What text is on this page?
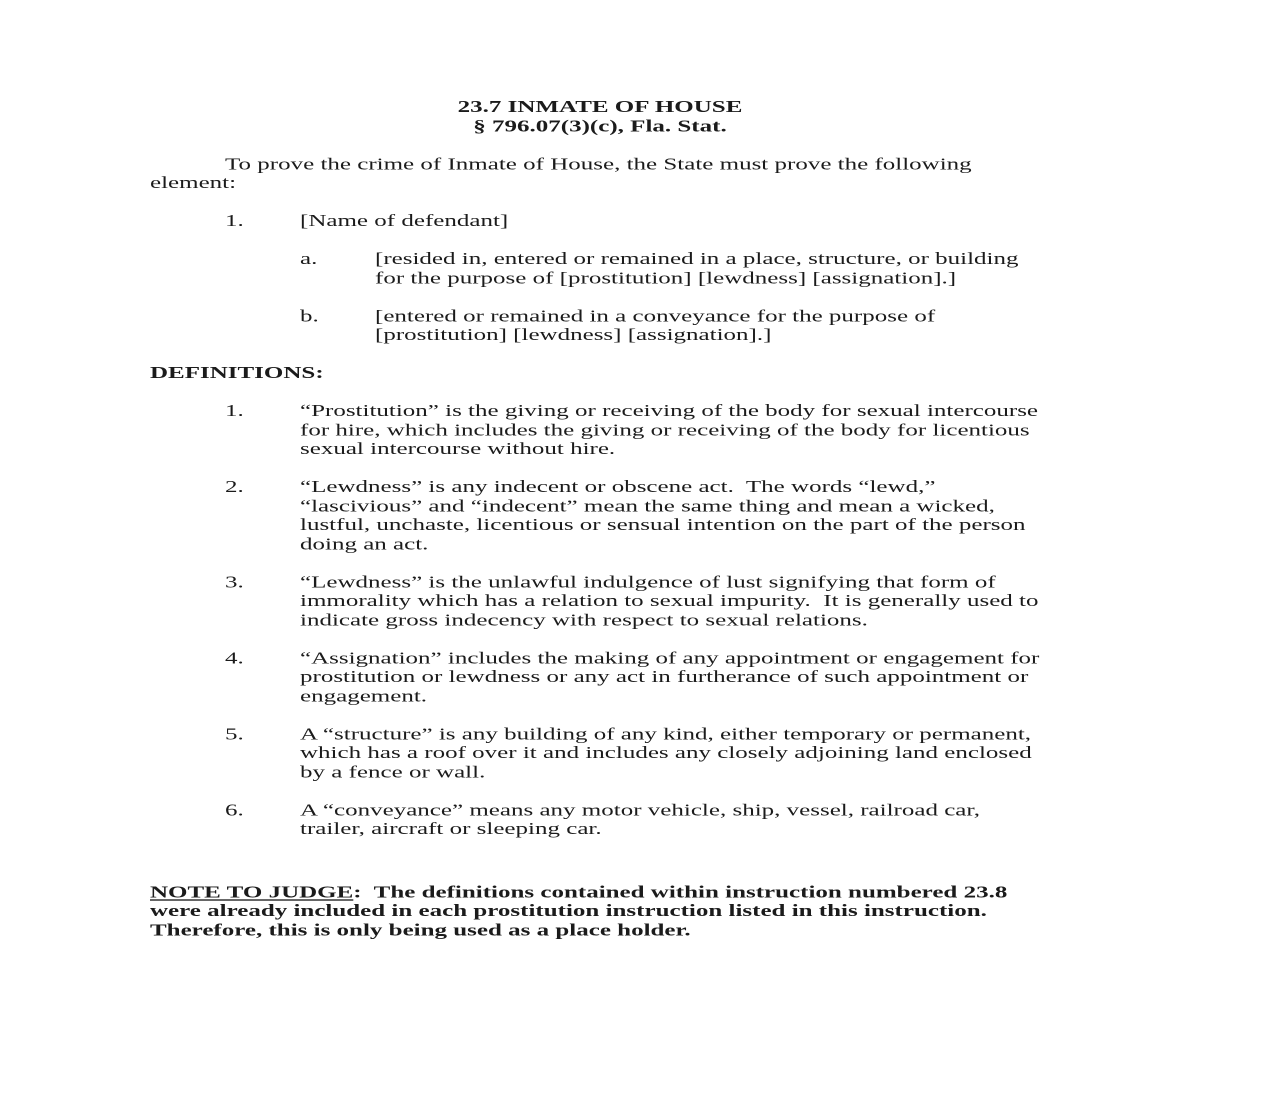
23.7 INMATE OF HOUSE
§ 796.07(3)(c), Fla. Stat.

To prove the crime of Inmate of House, the State must prove the following element:

1. [Name of defendant]
a. [resided in, entered or remained in a place, structure, or building for the purpose of [prostitution] [lewdness] [assignation].]
b. [entered or remained in a conveyance for the purpose of [prostitution] [lewdness] [assignation].]
DEFINITIONS:
1. “Prostitution” is the giving or receiving of the body for sexual intercourse for hire, which includes the giving or receiving of the body for licentious sexual intercourse without hire.
2. “Lewdness” is any indecent or obscene act.  The words “lewd,” “lascivious” and “indecent” mean the same thing and mean a wicked, lustful, unchaste, licentious or sensual intention on the part of the person doing an act.
3. “Lewdness” is the unlawful indulgence of lust signifying that form of immorality which has a relation to sexual impurity.  It is generally used to indicate gross indecency with respect to sexual relations.
4. “Assignation” includes the making of any appointment or engagement for prostitution or lewdness or any act in furtherance of such appointment or engagement.
5. A “structure” is any building of any kind, either temporary or permanent, which has a roof over it and includes any closely adjoining land enclosed by a fence or wall.
6. A “conveyance” means any motor vehicle, ship, vessel, railroad car, trailer, aircraft or sleeping car.

NOTE TO JUDGE:  The definitions contained within instruction numbered 23.8 were already included in each prostitution instruction listed in this instruction. Therefore, this is only being used as a place holder.
